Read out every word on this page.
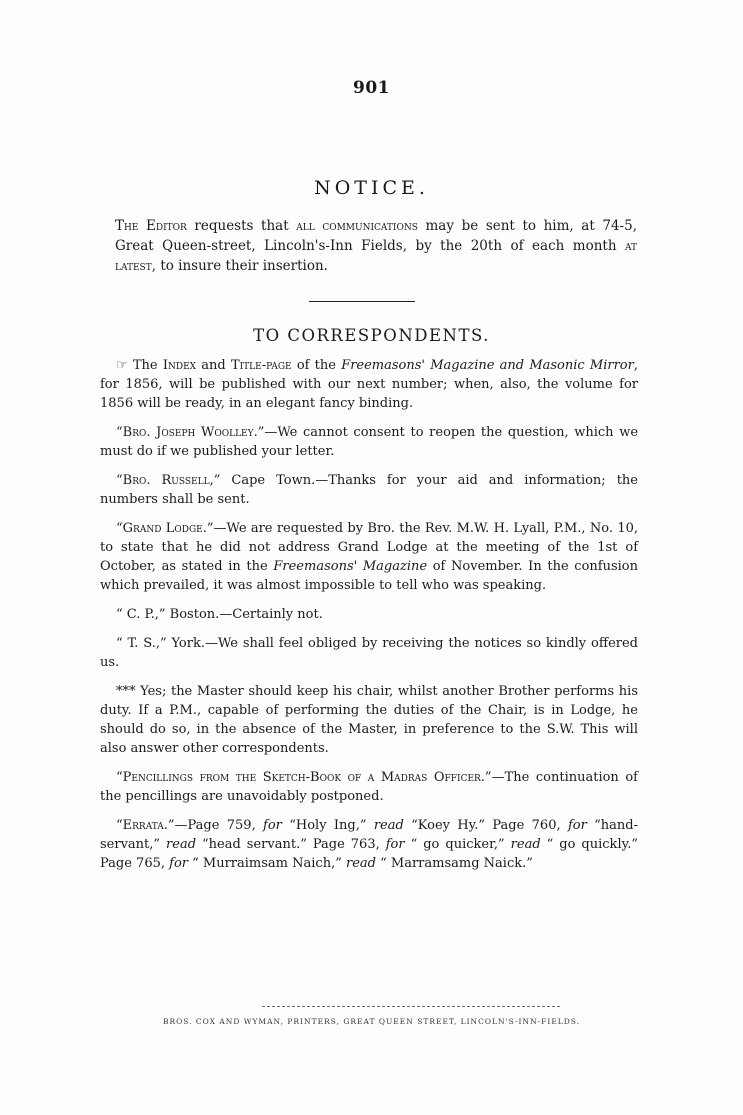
901
NOTICE.

The Editor requests that all communications may be sent to him, at 74-5, Great Queen-street, Lincoln's-Inn Fields, by the 20th of each month at latest, to insure their insertion.

TO CORRESPONDENTS.

☞ The Index and Title-page of the Freemasons' Magazine and Masonic Mirror, for 1856, will be published with our next number; when, also, the volume for 1856 will be ready, in an elegant fancy binding.

“Bro. Joseph Woolley.”—We cannot consent to reopen the question, which we must do if we published your letter.

“Bro. Russell,” Cape Town.—Thanks for your aid and information; the numbers shall be sent.

“Grand Lodge.”—We are requested by Bro. the Rev. M.W. H. Lyall, P.M., No. 10, to state that he did not address Grand Lodge at the meeting of the 1st of October, as stated in the Freemasons' Magazine of November. In the confusion which prevailed, it was almost impossible to tell who was speaking.

“ C. P.,” Boston.—Certainly not.

“ T. S.,” York.—We shall feel obliged by receiving the notices so kindly offered us.

*** Yes; the Master should keep his chair, whilst another Brother performs his duty. If a P.M., capable of performing the duties of the Chair, is in Lodge, he should do so, in the absence of the Master, in preference to the S.W. This will also answer other correspondents.

“Pencillings from the Sketch-Book of a Madras Officer.”—The continuation of the pencillings are unavoidably postponed.

“Errata.”—Page 759, for “Holy Ing,” read “Koey Hy.” Page 760, for “hand-servant,” read “head servant.” Page 763, for “ go quicker,” read “ go quickly.” Page 765, for “ Murraimsam Naich,” read “ Marramsamg Naick.”

BROS. COX AND WYMAN, PRINTERS, GREAT QUEEN STREET, LINCOLN'S-INN-FIELDS.
